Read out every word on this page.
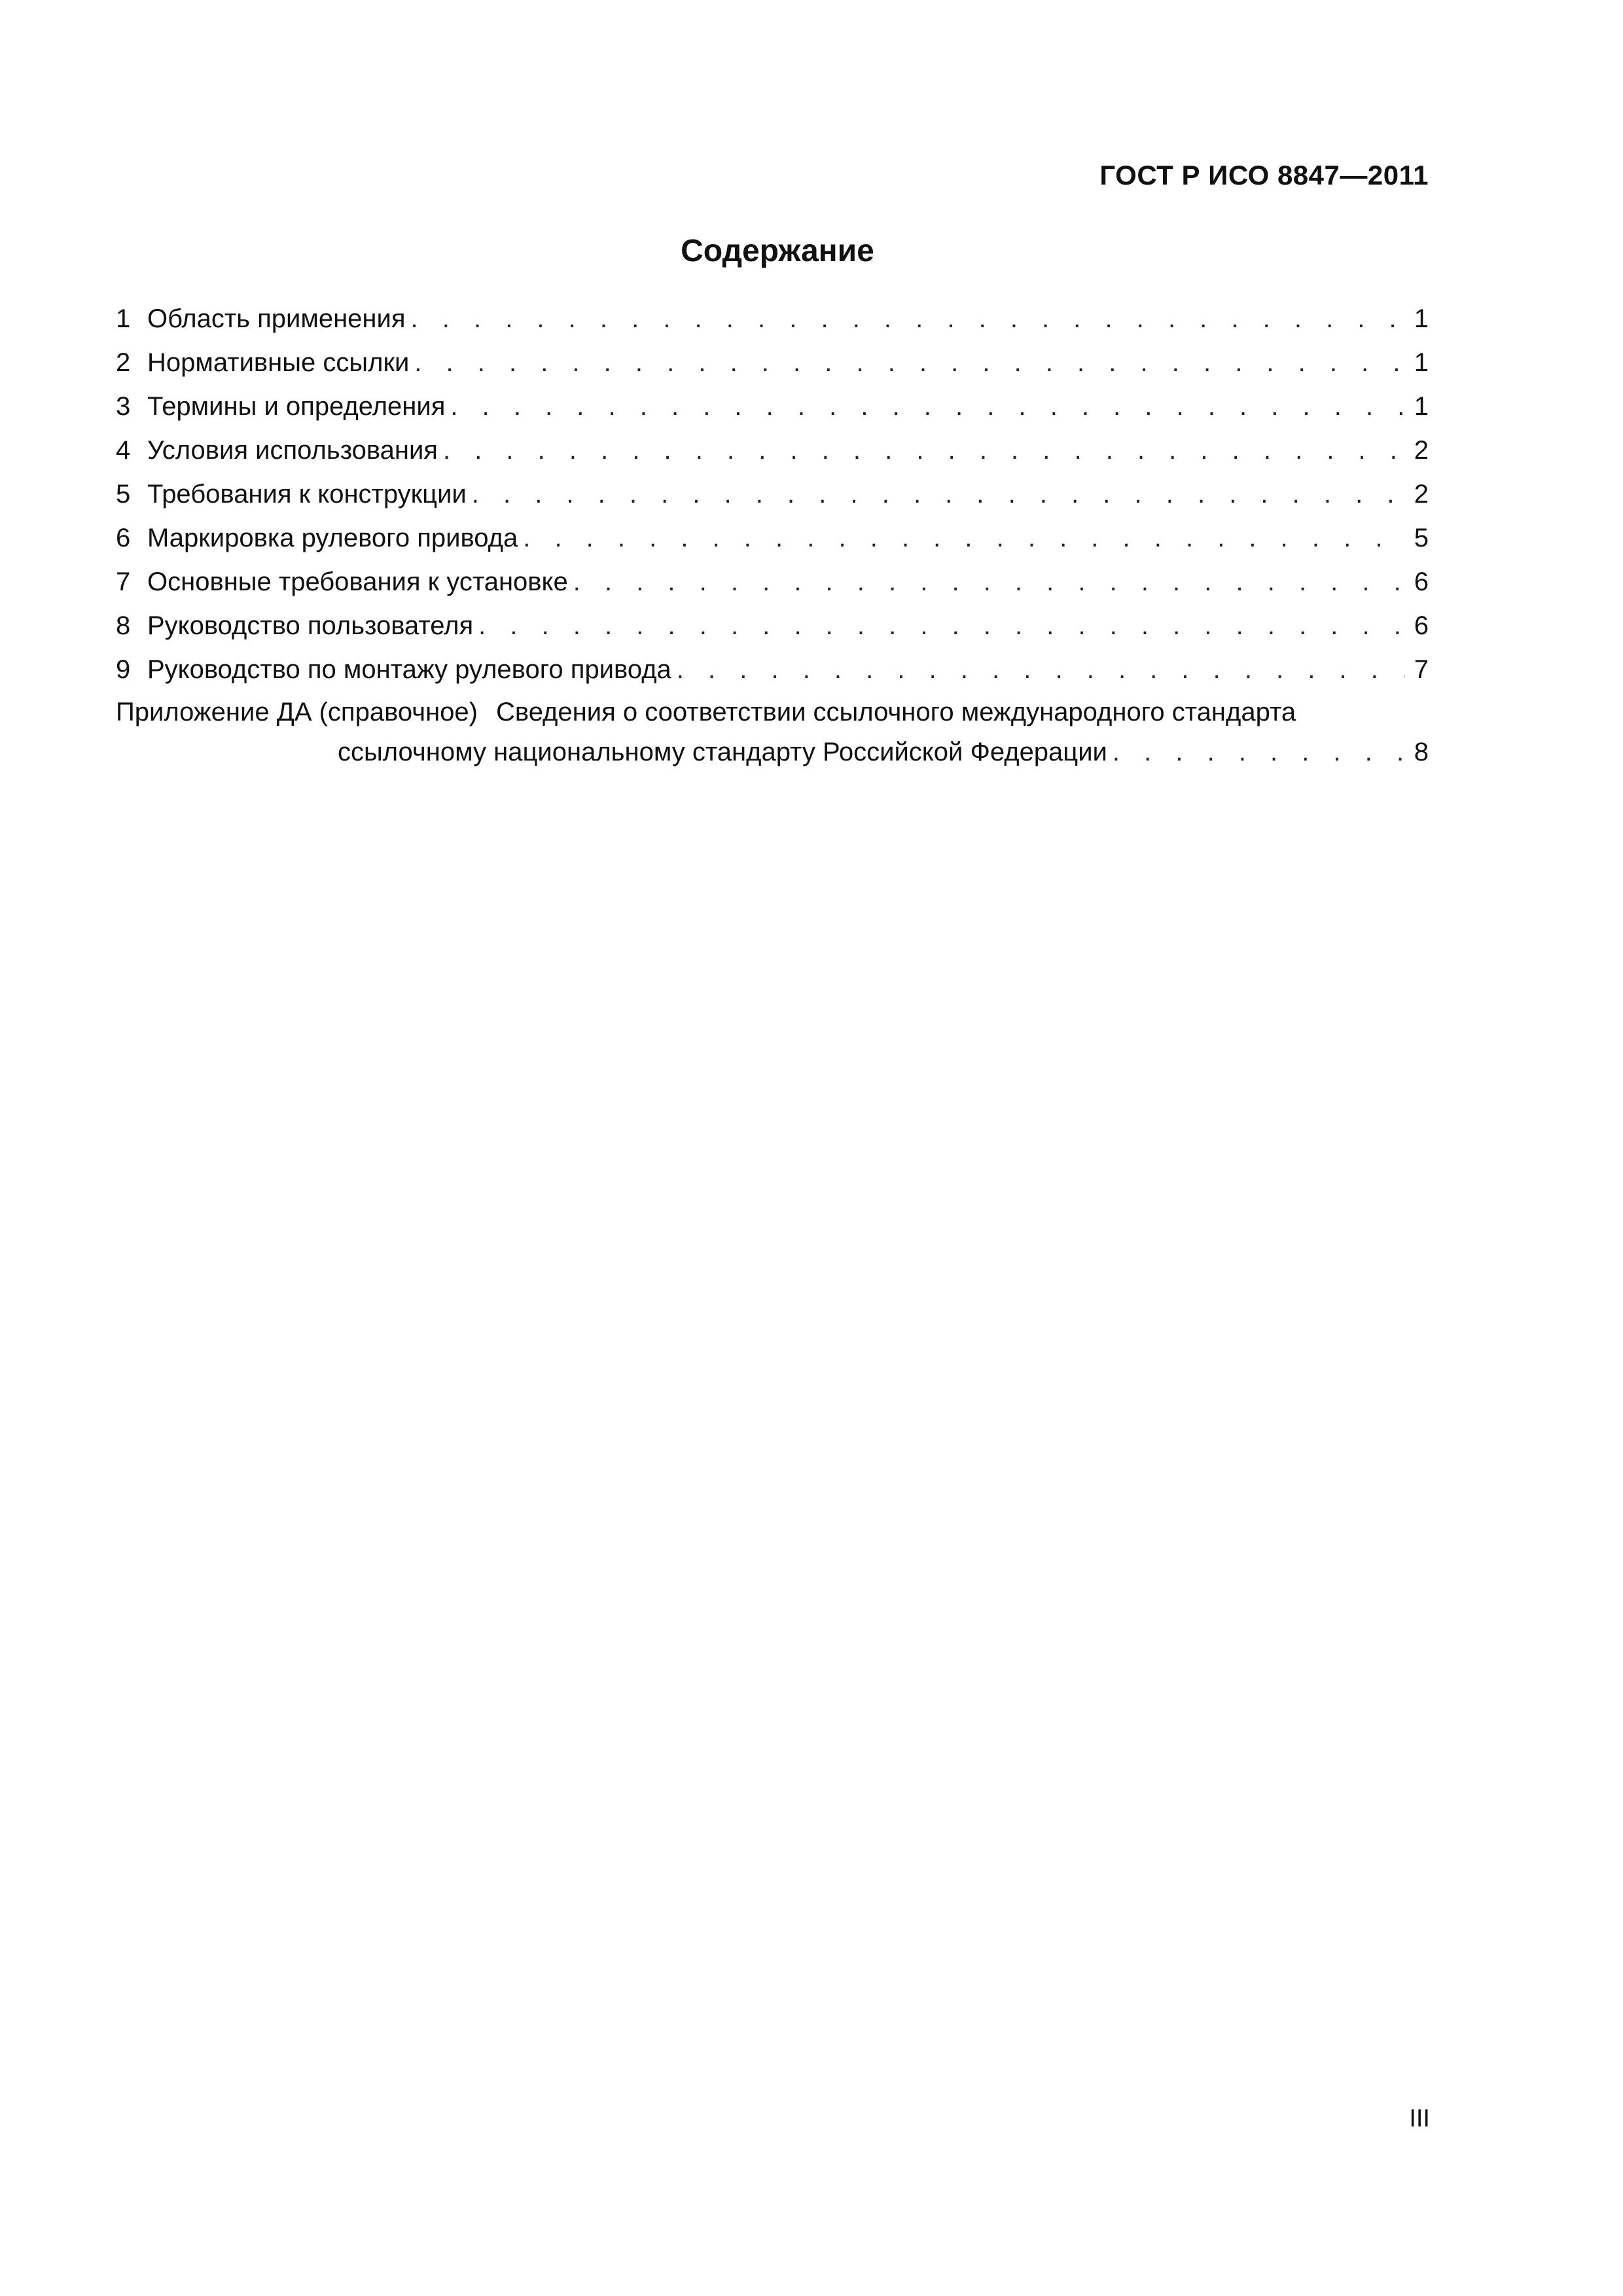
ГОСТ Р ИСО 8847—2011
Содержание
1 Область применения . . .	1
2 Нормативные ссылки . . .	1
3 Термины и определения . . .	1
4 Условия использования . . .	2
5 Требования к конструкции . . .	2
6 Маркировка рулевого привода . . .	5
7 Основные требования к установке . . .	6
8 Руководство пользователя . . .	6
9 Руководство по монтажу рулевого привода . . .	7
Приложение ДА (справочное) Сведения о соответствии ссылочного международного стандарта
ссылочному национальному стандарту Российской Федерации . . .	8
III
